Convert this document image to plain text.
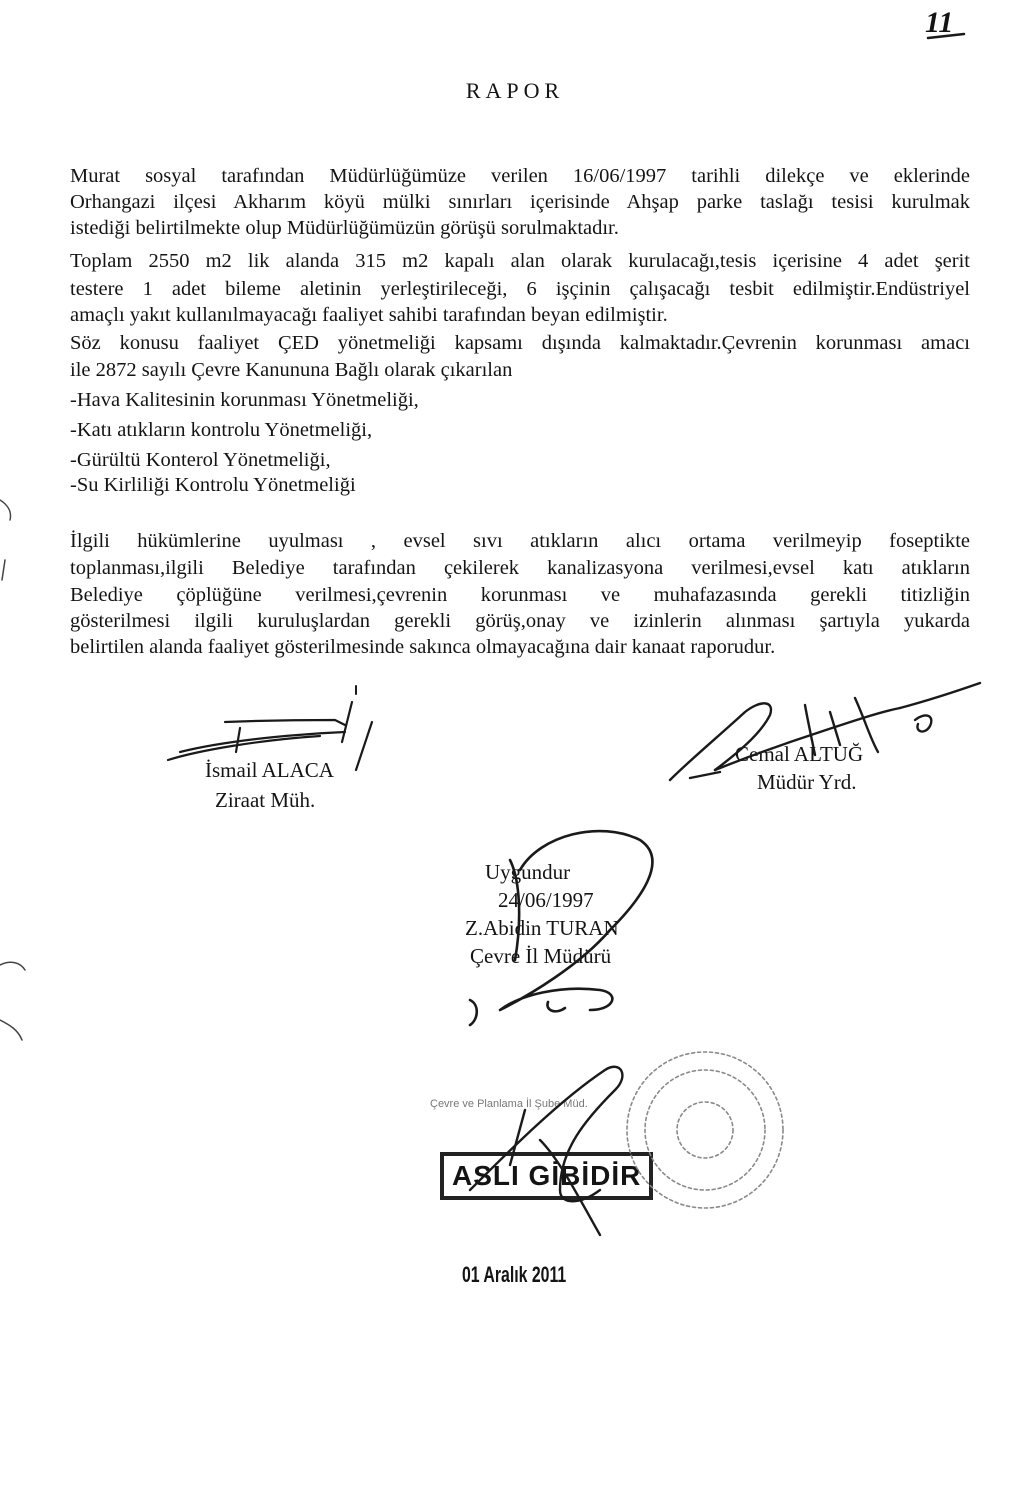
11
RAPOR
Murat sosyal tarafından Müdürlüğümüze verilen 16/06/1997 tarihli dilekçe ve eklerinde
Orhangazi ilçesi Akharım köyü mülki sınırları içerisinde Ahşap parke taslağı tesisi kurulmak
istediği belirtilmekte olup Müdürlüğümüzün görüşü sorulmaktadır.
Toplam 2550 m2 lik alanda 315 m2 kapalı alan olarak kurulacağı,tesis içerisine 4 adet şerit
testere 1 adet bileme aletinin yerleştirileceği, 6 işçinin çalışacağı tesbit edilmiştir.Endüstriyel
amaçlı yakıt kullanılmayacağı faaliyet sahibi tarafından beyan edilmiştir.
Söz konusu faaliyet ÇED yönetmeliği kapsamı dışında kalmaktadır.Çevrenin korunması amacı
ile 2872 sayılı Çevre Kanununa Bağlı olarak çıkarılan
-Hava Kalitesinin korunması Yönetmeliği,
-Katı atıkların kontrolu Yönetmeliği,
-Gürültü Konterol Yönetmeliği,
-Su Kirliliği Kontrolu Yönetmeliği
İlgili hükümlerine uyulması , evsel sıvı atıkların alıcı ortama verilmeyip foseptikte
toplanması,ilgili Belediye tarafından çekilerek kanalizasyona verilmesi,evsel katı atıkların
Belediye çöplüğüne verilmesi,çevrenin korunması ve muhafazasında gerekli titizliğin
gösterilmesi ilgili kuruluşlardan gerekli görüş,onay ve izinlerin alınması şartıyla yukarda
belirtilen alanda faaliyet gösterilmesinde sakınca olmayacağına dair kanaat raporudur.
İsmail ALACA
Ziraat Müh.
Cemal ALTUĞ
Müdür Yrd.
Uygundur
24/06/1997
Z.Abidin TURAN
Çevre İl Müdürü
Çevre ve Planlama İl Şube Müd.
ASLI GİBİDİR
01 Aralık 2011
